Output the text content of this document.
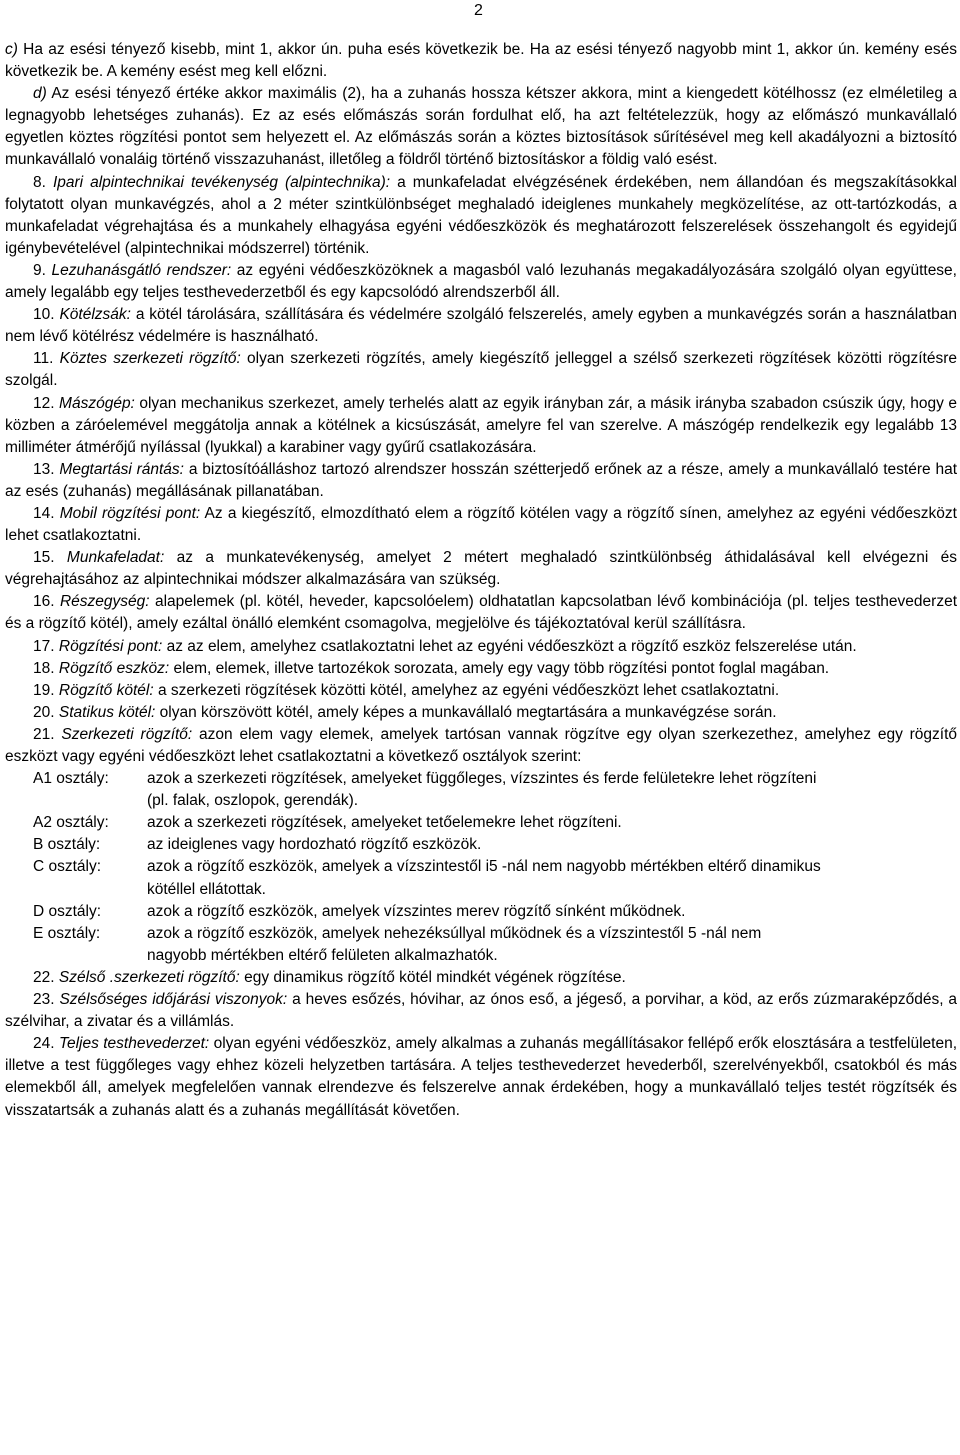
2

c) Ha az esési tényező kisebb, mint 1, akkor ún. puha esés következik be. Ha az esési tényező nagyobb mint 1, akkor ún. kemény esés következik be. A kemény esést meg kell előzni.

d) Az esési tényező értéke akkor maximális (2), ha a zuhanás hossza kétszer akkora, mint a kiengedett kötélhossz (ez elméletileg a legnagyobb lehetséges zuhanás). Ez az esés előmászás során fordulhat elő, ha azt feltételezzük, hogy az előmászó munkavállaló egyetlen köztes rögzítési pontot sem helyezett el. Az előmászás során a köztes biztosítások sűrítésével meg kell akadályozni a biztosító munkavállaló vonaláig történő visszazuhanást, illetőleg a földről történő biztosításkor a földig való esést.

8. Ipari alpintechnikai tevékenység (alpintechnika): a munkafeladat elvégzésének érdekében, nem állandóan és megszakításokkal folytatott olyan munkavégzés, ahol a 2 méter szintkülönbséget meghaladó ideiglenes munkahely megközelítése, az ott-tartózkodás, a munkafeladat végrehajtása és a munkahely elhagyása egyéni védőeszközök és meghatározott felszerelések összehangolt és egyidejű igénybevételével (alpintechnikai módszerrel) történik.

9. Lezuhanásgátló rendszer: az egyéni védőeszközöknek a magasból való lezuhanás megakadályozására szolgáló olyan együttese, amely legalább egy teljes testhevederzetből és egy kapcsolódó alrendszerből áll.

10. Kötélzsák: a kötél tárolására, szállítására és védelmére szolgáló felszerelés, amely egyben a munkavégzés során a használatban nem lévő kötélrész védelmére is használható.

11. Köztes szerkezeti rögzítő: olyan szerkezeti rögzítés, amely kiegészítő jelleggel a szélső szerkezeti rögzítések közötti rögzítésre szolgál.

12. Mászógép: olyan mechanikus szerkezet, amely terhelés alatt az egyik irányban zár, a másik irányba szabadon csúszik úgy, hogy e közben a záróelemével meggátolja annak a kötélnek a kicsúszását, amelyre fel van szerelve. A mászógép rendelkezik egy legalább 13 milliméter átmérőjű nyílással (lyukkal) a karabiner vagy gyűrű csatlakozására.

13. Megtartási rántás: a biztosítóálláshoz tartozó alrendszer hosszán szétterjedő erőnek az a része, amely a munkavállaló testére hat az esés (zuhanás) megállásának pillanatában.

14. Mobil rögzítési pont: Az a kiegészítő, elmozdítható elem a rögzítő kötélen vagy a rögzítő sínen, amelyhez az egyéni védőeszközt lehet csatlakoztatni.

15. Munkafeladat: az a munkatevékenység, amelyet 2 métert meghaladó szintkülönbség áthidalásával kell elvégezni és végrehajtásához az alpintechnikai módszer alkalmazására van szükség.

16. Részegység: alapelemek (pl. kötél, heveder, kapcsolóelem) oldhatatlan kapcsolatban lévő kombinációja (pl. teljes testhevederzet és a rögzítő kötél), amely ezáltal önálló elemként csomagolva, megjelölve és tájékoztatóval kerül szállításra.

17. Rögzítési pont: az az elem, amelyhez csatlakoztatni lehet az egyéni védőeszközt a rögzítő eszköz felszerelése után.

18. Rögzítő eszköz: elem, elemek, illetve tartozékok sorozata, amely egy vagy több rögzítési pontot foglal magában.

19. Rögzítő kötél: a szerkezeti rögzítések közötti kötél, amelyhez az egyéni védőeszközt lehet csatlakoztatni.

20. Statikus kötél: olyan körszövött kötél, amely képes a munkavállaló megtartására a munkavégzése során.

21. Szerkezeti rögzítő: azon elem vagy elemek, amelyek tartósan vannak rögzítve egy olyan szerkezethez, amelyhez egy rögzítő eszközt vagy egyéni védőeszközt lehet csatlakoztatni a következő osztályok szerint:

A1 osztály:	azok a szerkezeti rögzítések, amelyeket függőleges, vízszintes és ferde felületekre lehet rögzíteni (pl. falak, oszlopok, gerendák).
A2 osztály:	azok a szerkezeti rögzítések, amelyeket tetőelemekre lehet rögzíteni.
B osztály:	az ideiglenes vagy hordozható rögzítő eszközök.
C osztály:	azok a rögzítő eszközök, amelyek a vízszintestől i5 -nál nem nagyobb mértékben eltérő dinamikus kötéllel ellátottak.
D osztály:	azok a rögzítő eszközök, amelyek vízszintes merev rögzítő sínként működnek.
E osztály:	azok a rögzítő eszközök, amelyek nehezéksúllyal működnek és a vízszintestől 5 -nál nem nagyobb mértékben eltérő felületen alkalmazhatók.

22. Szélső .szerkezeti rögzítő: egy dinamikus rögzítő kötél mindkét végének rögzítése.

23. Szélsőséges időjárási viszonyok: a heves esőzés, hóvihar, az ónos eső, a jégeső, a porvihar, a köd, az erős zúzmaraképződés, a szélvihar, a zivatar és a villámlás.

24. Teljes testhevederzet: olyan egyéni védőeszköz, amely alkalmas a zuhanás megállításakor fellépő erők elosztására a testfelületen, illetve a test függőleges vagy ehhez közeli helyzetben tartására. A teljes testhevederzet hevederből, szerelvényekből, csatokból és más elemekből áll, amelyek megfelelően vannak elrendezve és felszerelve annak érdekében, hogy a munkavállaló teljes testét rögzítsék és visszatartsák a zuhanás alatt és a zuhanás megállítását követően.
